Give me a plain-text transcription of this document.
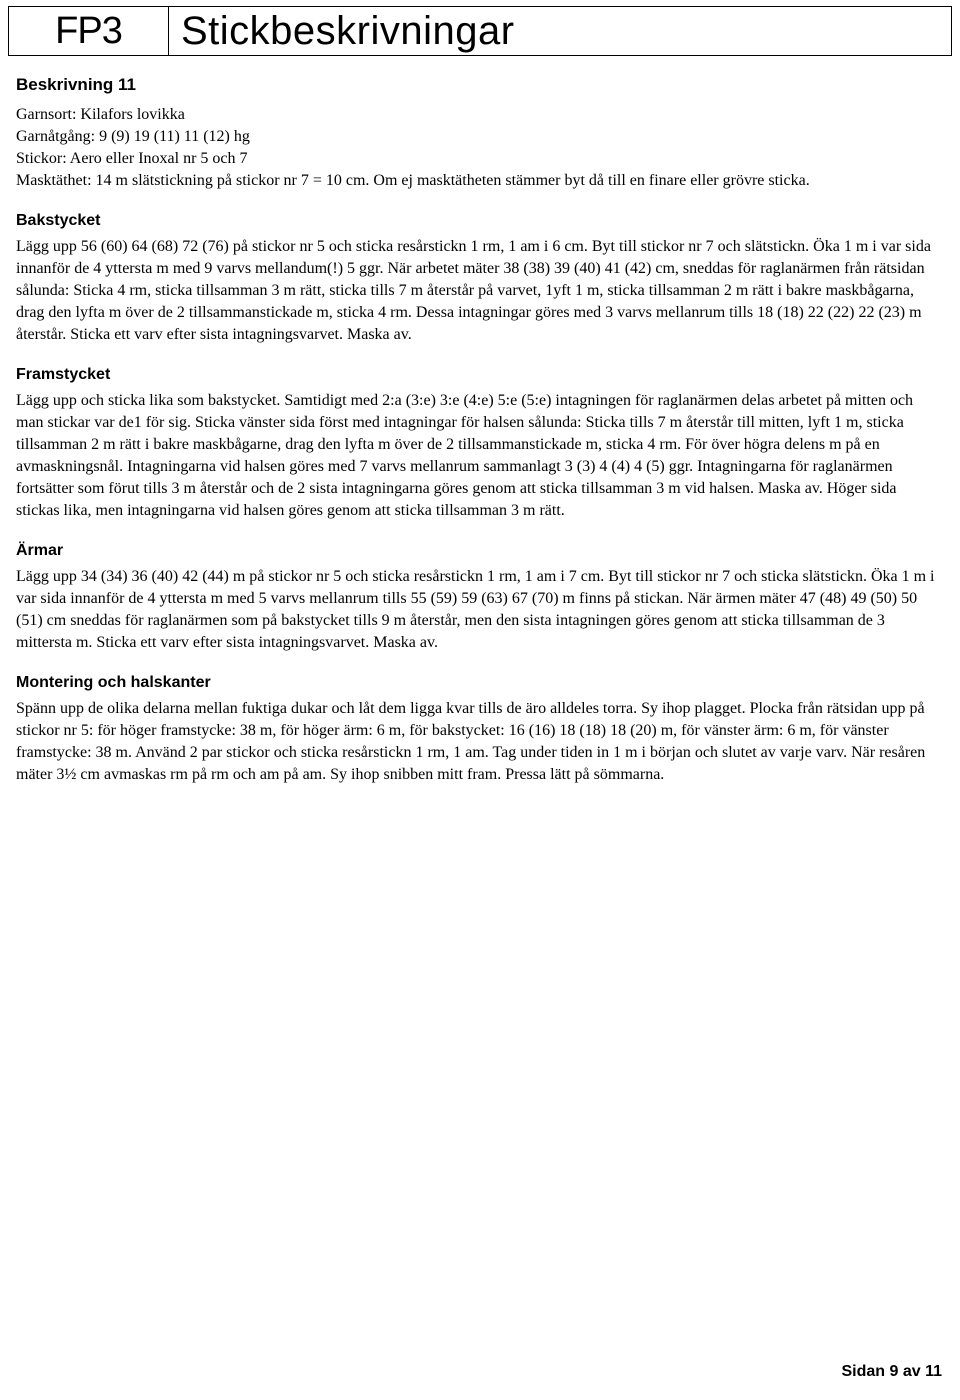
FP3	Stickbeskrivningar
Beskrivning 11
Garnsort: Kilafors lovikka
Garnåtgång: 9 (9) 19 (11) 11 (12) hg
Stickor: Aero eller Inoxal nr 5 och 7
Masktäthet: 14 m slätstickning på stickor nr 7 = 10 cm. Om ej masktätheten stämmer byt då till en finare eller grövre sticka.
Bakstycket

Lägg upp 56 (60) 64 (68) 72 (76) på stickor nr 5 och sticka resårstickn 1 rm, 1 am i 6 cm. Byt till stickor nr 7 och slätstickn. Öka 1 m i var sida innanför de 4 yttersta m med 9 varvs mellandum(!) 5 ggr. När arbetet mäter 38 (38) 39 (40) 41 (42) cm, sneddas för raglanärmen från rätsidan sålunda: Sticka 4 rm, sticka tillsamman 3 m rätt, sticka tills 7 m återstår på varvet, 1yft 1 m, sticka tillsamman 2 m rätt i bakre maskbågarna, drag den lyfta m över de 2 tillsammanstickade m, sticka 4 rm. Dessa intagningar göres med 3 varvs mellanrum tills 18 (18) 22 (22) 22 (23) m återstår. Sticka ett varv efter sista intagningsvarvet. Maska av.

Framstycket

Lägg upp och sticka lika som bakstycket. Samtidigt med 2:a (3:e) 3:e (4:e) 5:e (5:e) intagningen för raglanärmen delas arbetet på mitten och man stickar var de1 för sig. Sticka vänster sida först med intagningar för halsen sålunda: Sticka tills 7 m återstår till mitten, lyft 1 m, sticka tillsamman 2 m rätt i bakre maskbågarne, drag den lyfta m över de 2 tillsammanstickade m, sticka 4 rm. För över högra delens m på en avmaskningsnål. Intagningarna vid halsen göres med 7 varvs mellanrum sammanlagt 3 (3) 4 (4) 4 (5) ggr. Intagningarna för raglanärmen fortsätter som förut tills 3 m återstår och de 2 sista intagningarna göres genom att sticka tillsamman 3 m vid halsen. Maska av. Höger sida stickas lika, men intagningarna vid halsen göres genom att sticka tillsamman 3 m rätt.

Ärmar

Lägg upp 34 (34) 36 (40) 42 (44) m på stickor nr 5 och sticka resårstickn 1 rm, 1 am i 7 cm. Byt till stickor nr 7 och sticka slätstickn. Öka 1 m i var sida innanför de 4 yttersta m med 5 varvs mellanrum tills 55 (59) 59 (63) 67 (70) m finns på stickan. När ärmen mäter 47 (48) 49 (50) 50 (51) cm sneddas för raglanärmen som på bakstycket tills 9 m återstår, men den sista intagningen göres genom att sticka tillsamman de 3 mittersta m. Sticka ett varv efter sista intagningsvarvet. Maska av.

Montering och halskanter

Spänn upp de olika delarna mellan fuktiga dukar och låt dem ligga kvar tills de äro alldeles torra. Sy ihop plagget. Plocka från rätsidan upp på stickor nr 5: för höger framstycke: 38 m, för höger ärm: 6 m, för bakstycket: 16 (16) 18 (18) 18 (20) m, för vänster ärm: 6 m, för vänster framstycke: 38 m. Använd 2 par stickor och sticka resårstickn 1 rm, 1 am. Tag under tiden in 1 m i början och slutet av varje varv. När resåren mäter 3½ cm avmaskas rm på rm och am på am. Sy ihop snibben mitt fram. Pressa lätt på sömmarna.

Sidan 9 av 11
